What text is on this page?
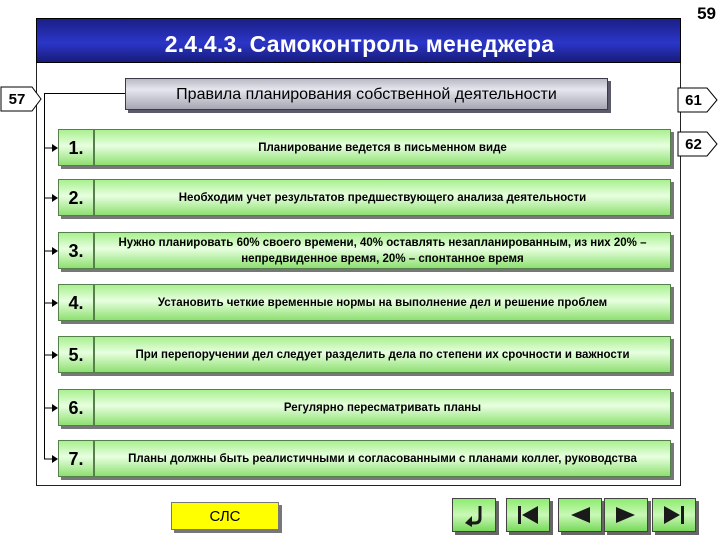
59
2.4.4.3. Самоконтроль менеджера
57	61
62
Правила планирования собственной деятельности
1.	Планирование ведется в письменном виде
2.	Необходим учет результатов предшествующего анализа деятельности
3.	Нужно планировать 60% своего времени, 40% оставлять незапланированным, из них 20% – непредвиденное время, 20% – спонтанное время
4.	Установить четкие временные нормы на выполнение дел и решение проблем
5.	При перепоручении дел следует разделить дела по степени их срочности и важности
6.	Регулярно пересматривать планы
7.	Планы должны быть реалистичными и согласованными с планами коллег, руководства
СЛС
